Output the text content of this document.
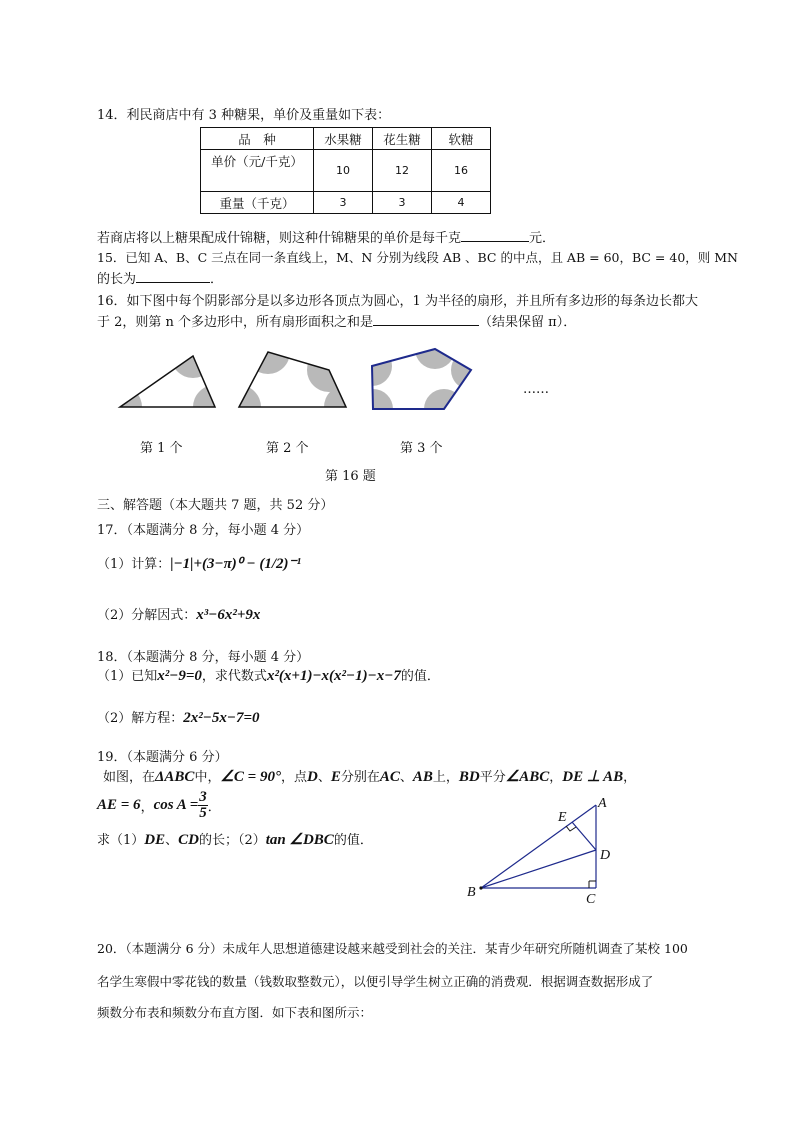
14．利民商店中有 3 种糖果，单价及重量如下表：
品　种	水果糖	花生糖	软糖
单价（元/千克）	10	12	16
重量（千克）	3	3	4
若商店将以上糖果配成什锦糖，则这种什锦糖果的单价是每千克	元．
15．已知 A、B、C 三点在同一条直线上，M、N 分别为线段 AB 、BC 的中点，且 AB = 60，BC = 40，则 MN
的长为	．
16．如下图中每个阴影部分是以多边形各顶点为圆心，1 为半径的扇形，并且所有多边形的每条边长都大
于 2，则第 n 个多边形中，所有扇形面积之和是	（结果保留 π）．
……
第 1 个	第 2 个	第 3 个
第 16 题
三、解答题（本大题共 7 题，共 52 分）
17．（本题满分 8 分，每小题 4 分）
（1）计算：|−1|+(3−π)⁰ − (1/2)⁻¹
（2）分解因式：x³−6x²+9x
18．（本题满分 8 分，每小题 4 分）
（1）已知x²−9=0，求代数式x²(x+1)−x(x²−1)−x−7的值．
（2）解方程：2x²−5x−7=0
19．（本题满分 6 分）
如图，在ΔABC中，∠C = 90°，点D、E分别在AC、AB上，BD平分∠ABC，DE ⊥ AB，
AE = 6，$\cos A = \frac{3}{5}$ ．
求（1）DE、CD的长；（2）tan ∠DBC的值．
A
E
D
B	C
20．（本题满分 6 分）未成年人思想道德建设越来越受到社会的关注．某青少年研究所随机调查了某校 100
名学生寒假中零花钱的数量（钱数取整数元），以便引导学生树立正确的消费观．根据调查数据形成了
频数分布表和频数分布直方图．如下表和图所示：
